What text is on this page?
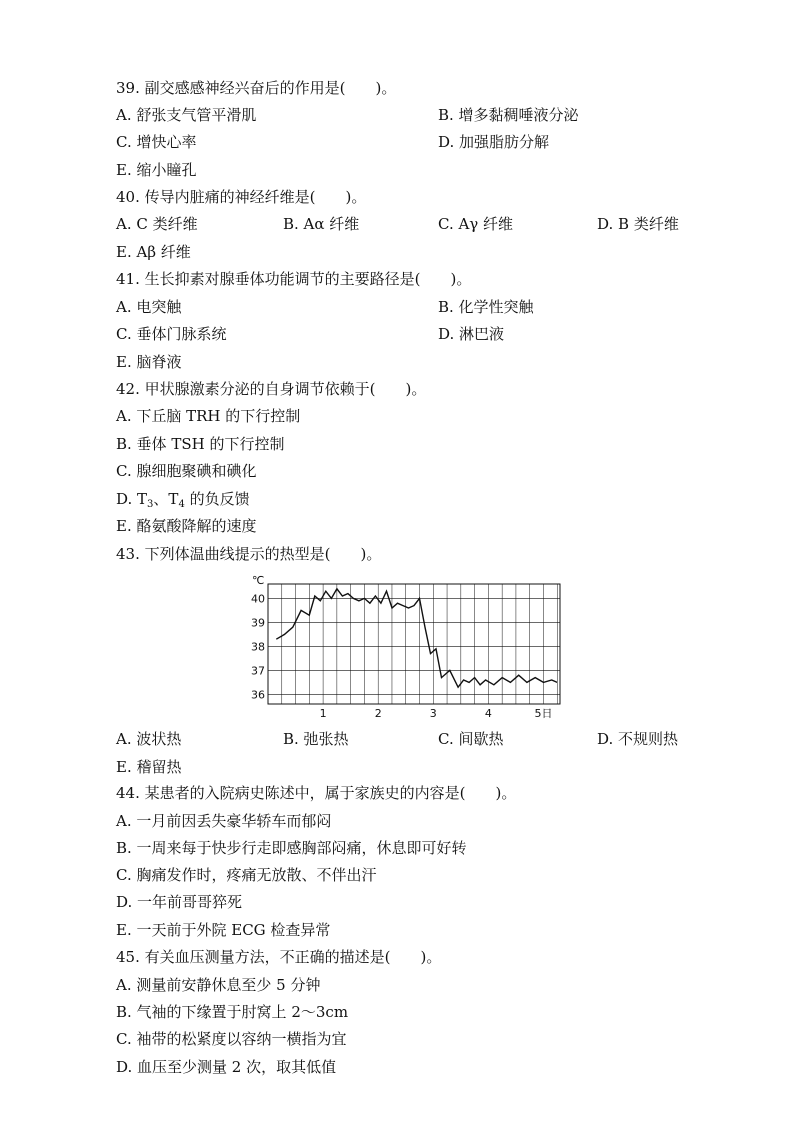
39. 副交感感神经兴奋后的作用是(　　)。
A. 舒张支气管平滑肌	B. 增多黏稠唾液分泌
C. 增快心率	D. 加强脂肪分解
E. 缩小瞳孔
40. 传导内脏痛的神经纤维是(　　)。
A. C 类纤维	B. Aα 纤维	C. Aγ 纤维	D. B 类纤维
E. Aβ 纤维
41. 生长抑素对腺垂体功能调节的主要路径是(　　)。
A. 电突触	B. 化学性突触
C. 垂体门脉系统	D. 淋巴液
E. 脑脊液
42. 甲状腺激素分泌的自身调节依赖于(　　)。
A. 下丘脑 TRH 的下行控制
B. 垂体 TSH 的下行控制
C. 腺细胞聚碘和碘化
D. $T_3$、$T_4$ 的负反馈
E. 酪氨酸降解的速度
43. 下列体温曲线提示的热型是(　　)。
40
39
38
37
36
1	2	3	4	5日
℃
A. 波状热	B. 弛张热	C. 间歇热	D. 不规则热
E. 稽留热
44. 某患者的入院病史陈述中，属于家族史的内容是(　　)。
A. 一月前因丢失豪华轿车而郁闷
B. 一周来每于快步行走即感胸部闷痛，休息即可好转
C. 胸痛发作时，疼痛无放散、不伴出汗
D. 一年前哥哥猝死
E. 一天前于外院 ECG 检查异常
45. 有关血压测量方法，不正确的描述是(　　)。
A. 测量前安静休息至少 5 分钟
B. 气袖的下缘置于肘窝上 2～3cm
C. 袖带的松紧度以容纳一横指为宜
D. 血压至少测量 2 次，取其低值
